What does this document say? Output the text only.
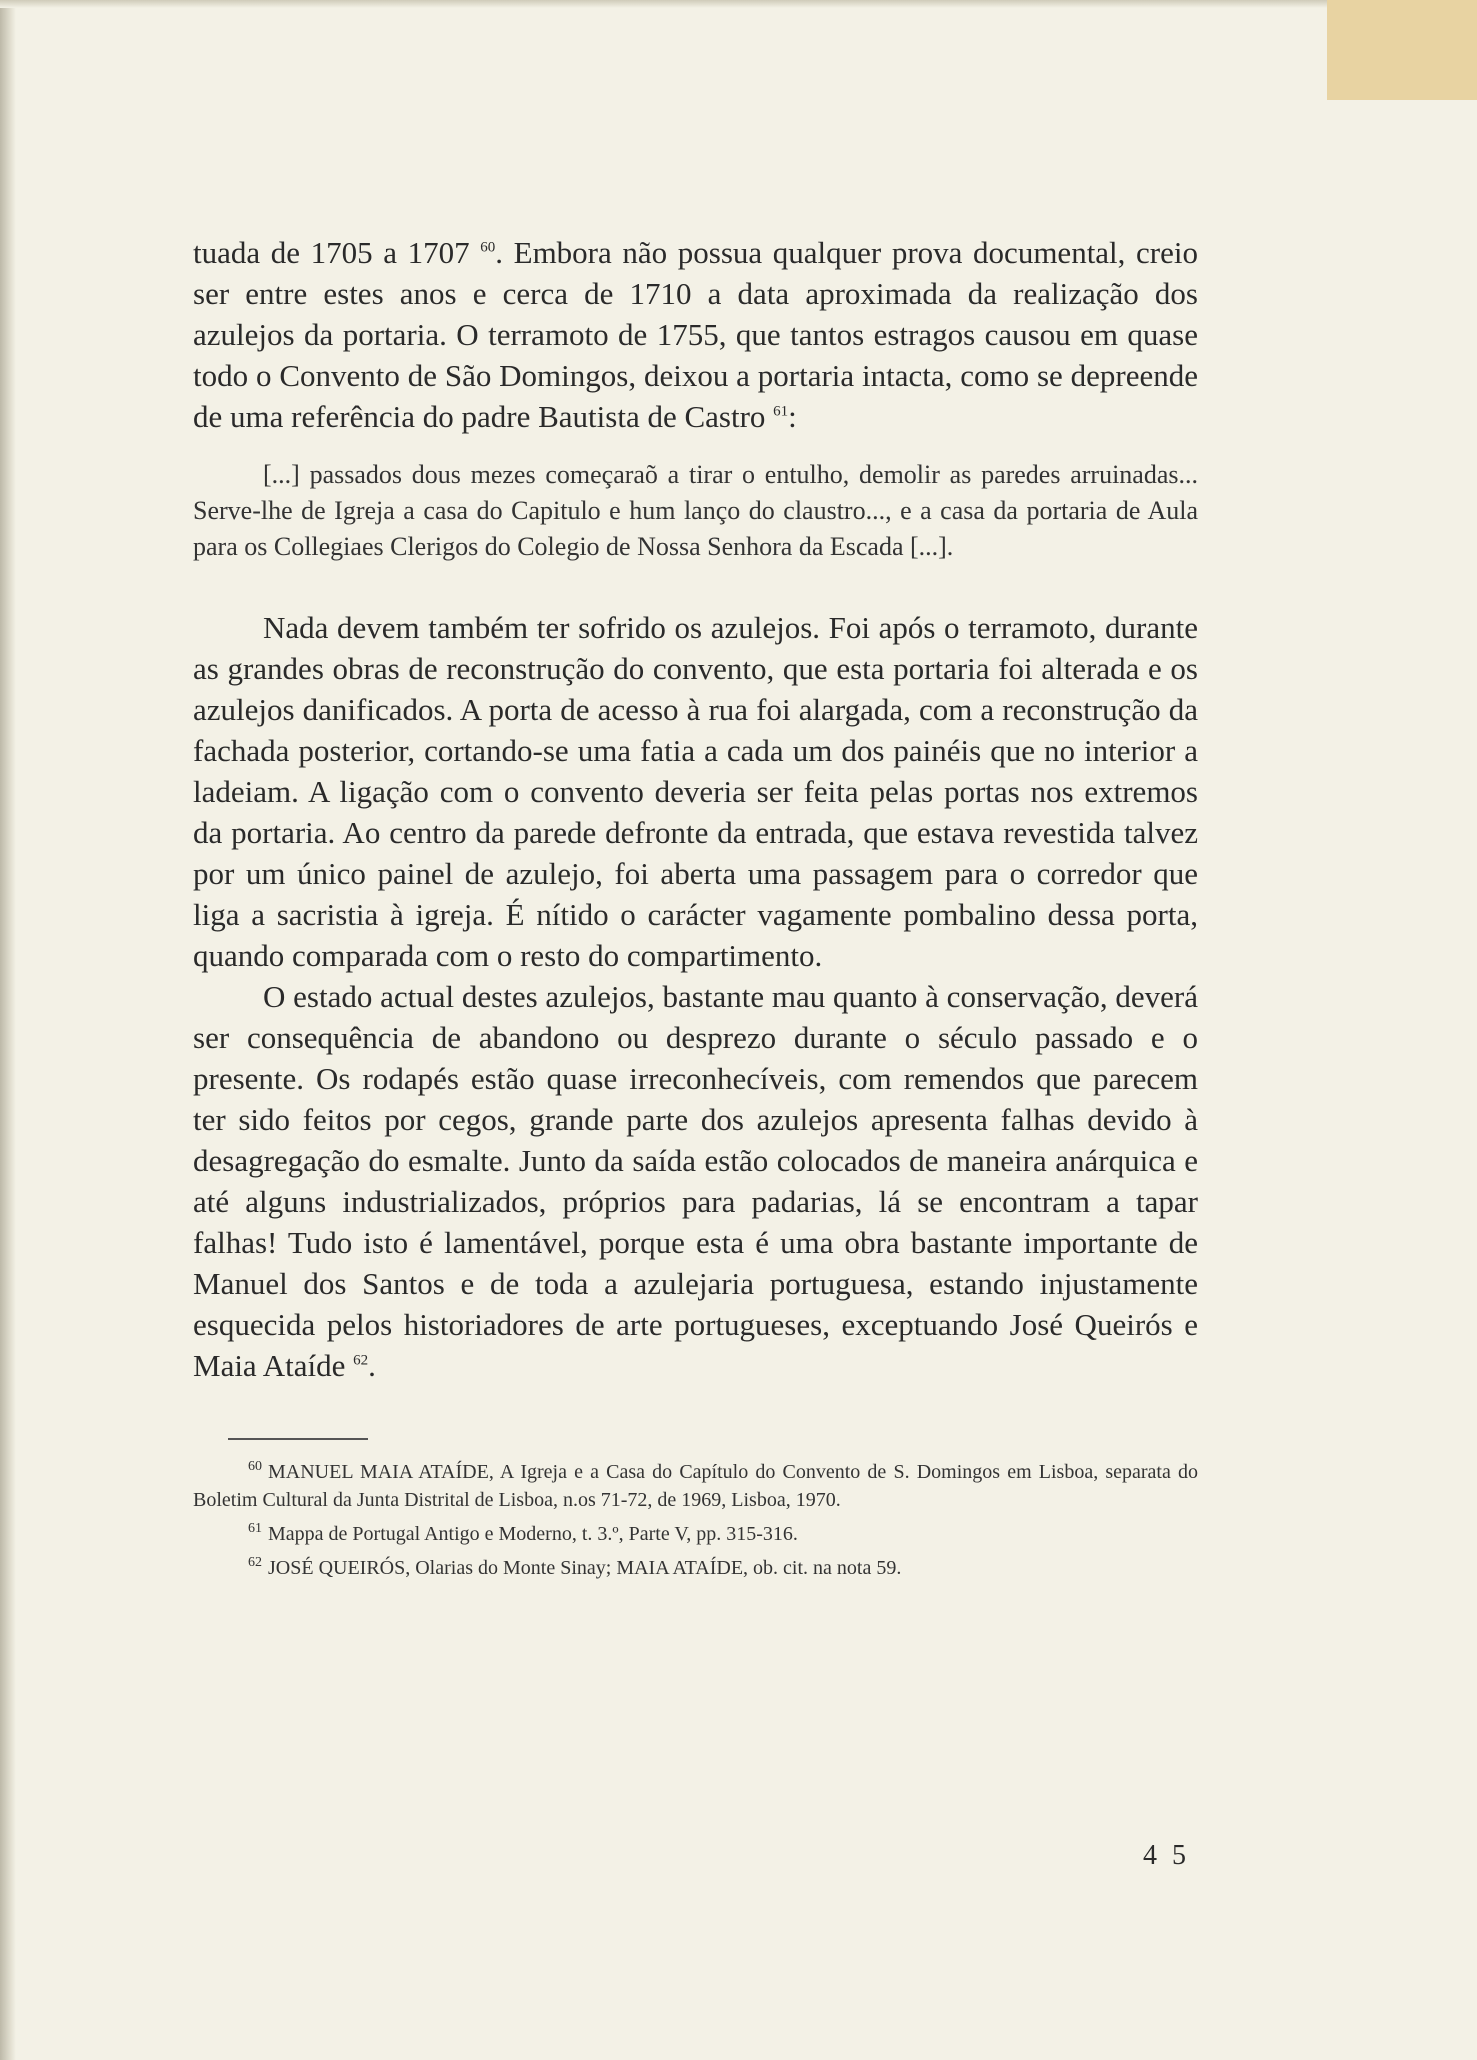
tuada de 1705 a 1707 $^{60}$. Embora não possua qualquer prova documental, creio ser entre estes anos e cerca de 1710 a data aproximada da realização dos azulejos da portaria. O terramoto de 1755, que tantos estragos causou em quase todo o Convento de São Domingos, deixou a portaria intacta, como se depreende de uma referência do padre Bautista de Castro $^{61}$:

[...] passados dous mezes começaraõ a tirar o entulho, demolir as paredes arruinadas... Serve-lhe de Igreja a casa do Capitulo e hum lanço do claustro..., e a casa da portaria de Aula para os Collegiaes Clerigos do Colegio de Nossa Senhora da Escada [...].

Nada devem também ter sofrido os azulejos. Foi após o terramoto, durante as grandes obras de reconstrução do convento, que esta portaria foi alterada e os azulejos danificados. A porta de acesso à rua foi alargada, com a reconstrução da fachada posterior, cortando-se uma fatia a cada um dos painéis que no interior a ladeiam. A ligação com o convento deveria ser feita pelas portas nos extremos da portaria. Ao centro da parede defronte da entrada, que estava revestida talvez por um único painel de azulejo, foi aberta uma passagem para o corredor que liga a sacristia à igreja. É nítido o carácter vagamente pombalino dessa porta, quando comparada com o resto do compartimento.

O estado actual destes azulejos, bastante mau quanto à conservação, deverá ser consequência de abandono ou desprezo durante o século passado e o presente. Os rodapés estão quase irreconhecíveis, com remendos que parecem ter sido feitos por cegos, grande parte dos azulejos apresenta falhas devido à desagregação do esmalte. Junto da saída estão colocados de maneira anárquica e até alguns industrializados, próprios para padarias, lá se encontram a tapar falhas! Tudo isto é lamentável, porque esta é uma obra bastante importante de Manuel dos Santos e de toda a azulejaria portuguesa, estando injustamente esquecida pelos historiadores de arte portugueses, exceptuando José Queirós e Maia Ataíde $^{62}$.

$^{60}$ MANUEL MAIA ATAÍDE, A Igreja e a Casa do Capítulo do Convento de S. Domingos em Lisboa, separata do Boletim Cultural da Junta Distrital de Lisboa, n.os 71-72, de 1969, Lisboa, 1970.

$^{61}$ Mappa de Portugal Antigo e Moderno, t. 3.º, Parte V, pp. 315-316.

$^{62}$ JOSÉ QUEIRÓS, Olarias do Monte Sinay; MAIA ATAÍDE, ob. cit. na nota 59.

4 5
